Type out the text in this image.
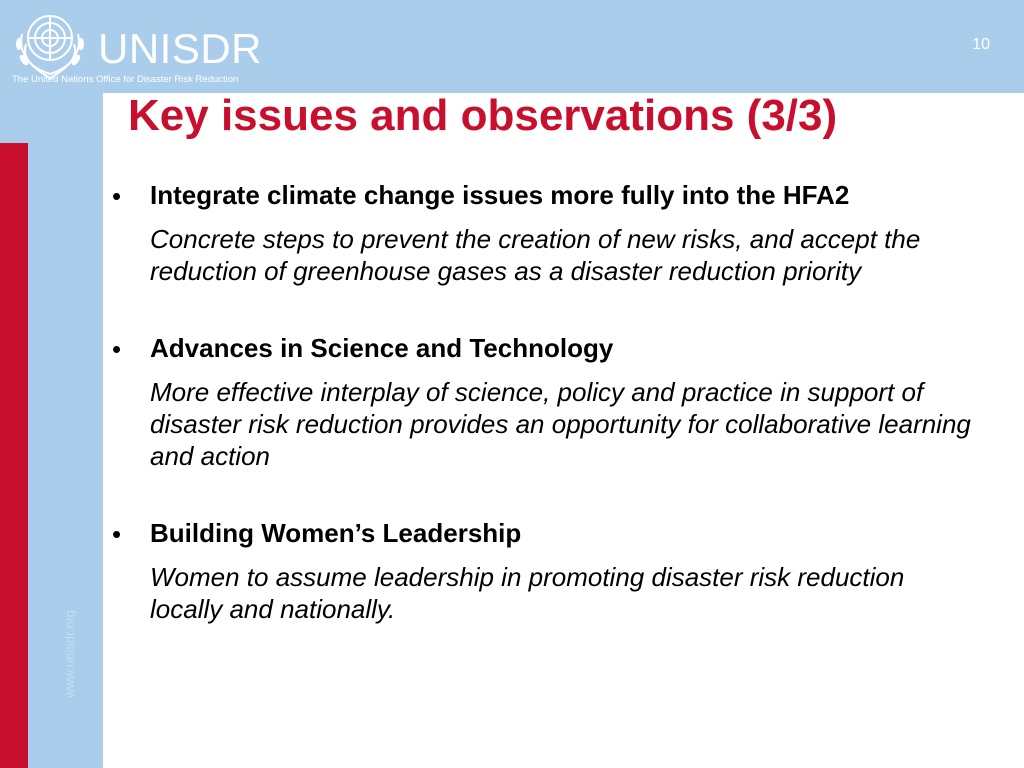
UNISDR
The United Nations Office for Disaster Risk Reduction
10
Key issues and observations (3/3)
www.unisdr.org
•	Integrate climate change issues more fully into the HFA2
Concrete steps to prevent the creation of new risks, and accept the reduction of greenhouse gases as a disaster reduction priority
•	Advances in Science and Technology
More effective interplay of science, policy and practice in support of disaster risk reduction provides an opportunity for collaborative learning and action
•	Building Women’s Leadership
Women to assume leadership in promoting disaster risk reduction locally and nationally.
